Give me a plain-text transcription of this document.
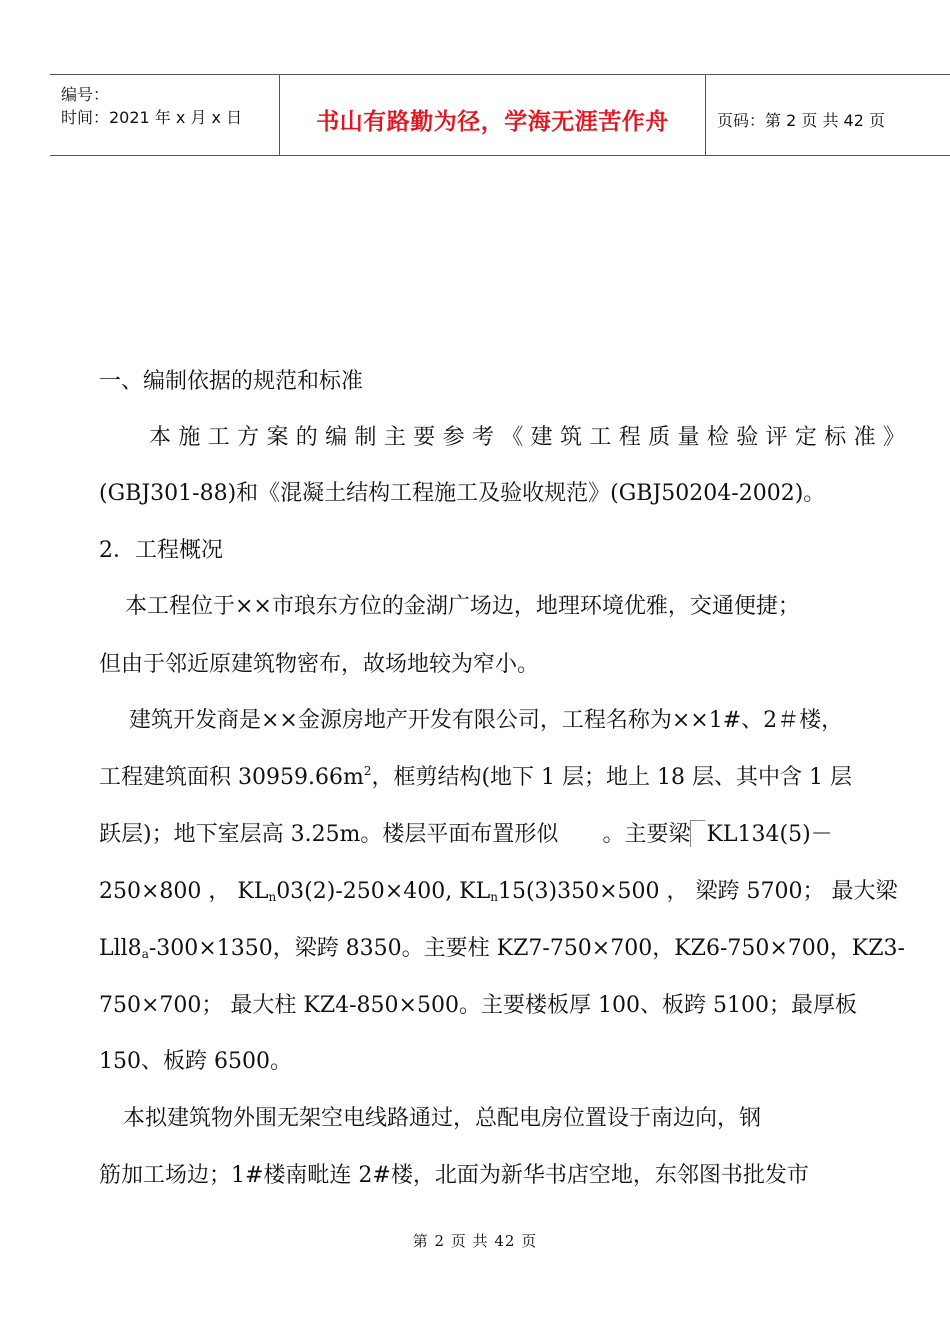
编号：
时间：2021 年 x 月 x 日	书山有路勤为径，学海无涯苦作舟	页码：第 2 页 共 42 页
一、编制依据的规范和标准
本施工方案的编制主要参考《建筑工程质量检验评定标准》
(GBJ301-88)和《混凝土结构工程施工及验收规范》(GBJ50204-2002)。
2．工程概况
本工程位于××市琅东方位的金湖广场边，地理环境优雅，交通便捷；
但由于邻近原建筑物密布，故场地较为窄小。
建筑开发商是××金源房地产开发有限公司，工程名称为××1#、2＃楼，
工程建筑面积 $30959.66m^2$，框剪结构(地下 1 层；地上 18 层、其中含 1 层
跃层)；地下室层高 3.25m。楼层平面布置形似 。主要梁 KL134(5)－
250×800 ， $KL_n03(2)-250\times 400$, $KL_n15(3)350\times 500$ ， 梁跨 5700； 最大梁
$Lll8_a-300\times 1350$，梁跨 8350。主要柱 KZ7-750×700，KZ6-750×700，KZ3-
750×700； 最大柱 KZ4-850×500。主要楼板厚 100、板跨 5100；最厚板
150、板跨 6500。
本拟建筑物外围无架空电线路通过，总配电房位置设于南边向，钢
筋加工场边；1#楼南毗连 2#楼，北面为新华书店空地，东邻图书批发市
第 2 页 共 42 页
